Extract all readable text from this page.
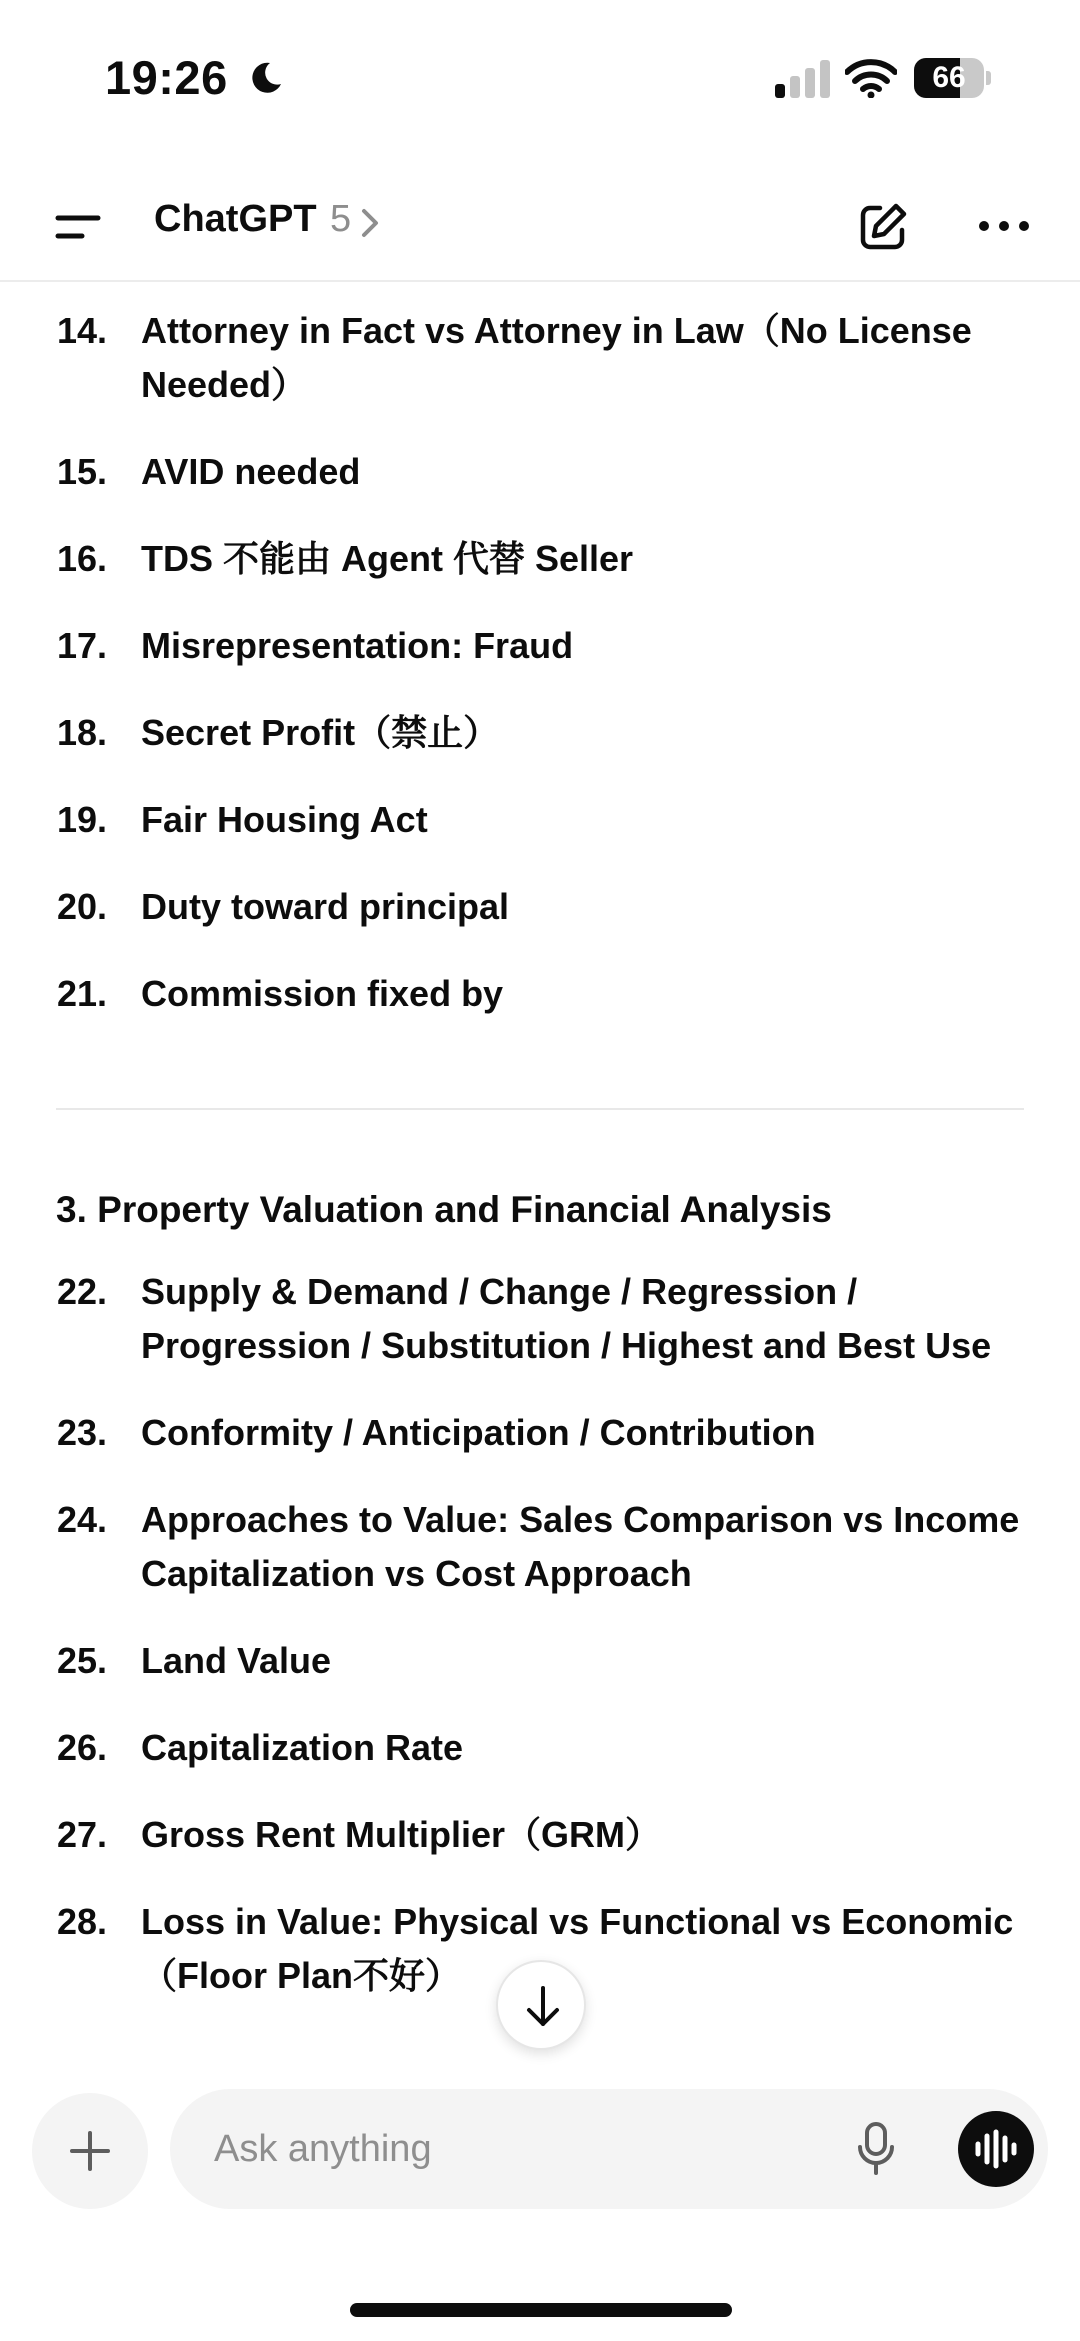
19:26	66
ChatGPT 5
14. Attorney in Fact vs Attorney in Law（No License Needed）
15. AVID needed
16. TDS 不能由 Agent 代替 Seller
17. Misrepresentation: Fraud
18. Secret Profit（禁止）
19. Fair Housing Act
20. Duty toward principal
21. Commission fixed by
3. Property Valuation and Financial Analysis
22. Supply & Demand / Change / Regression / Progression / Substitution / Highest and Best Use
23. Conformity / Anticipation / Contribution
24. Approaches to Value: Sales Comparison vs Income Capitalization vs Cost Approach
25. Land Value
26. Capitalization Rate
27. Gross Rent Multiplier（GRM）
28. Loss in Value: Physical vs Functional vs Economic（Floor Plan不好）
Ask anything
